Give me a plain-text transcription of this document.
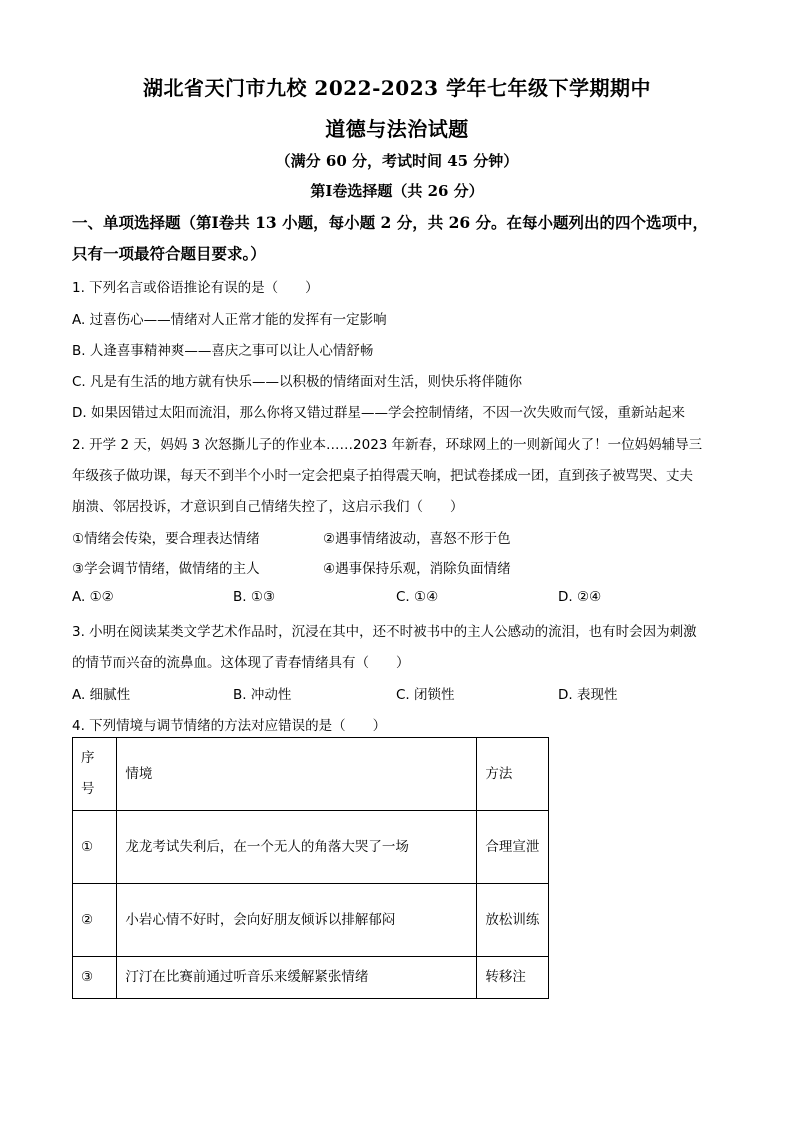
湖北省天门市九校 2022-2023 学年七年级下学期期中
道德与法治试题
（满分 60 分，考试时间 45 分钟）
第Ⅰ卷选择题（共 26 分）
一、单项选择题（第Ⅰ卷共 13 小题，每小题 2 分，共 26 分。在每小题列出的四个选项中，
只有一项最符合题目要求。）
1. 下列名言或俗语推论有误的是（　　）
A. 过喜伤心——情绪对人正常才能的发挥有一定影响
B. 人逢喜事精神爽——喜庆之事可以让人心情舒畅
C. 凡是有生活的地方就有快乐——以积极的情绪面对生活，则快乐将伴随你
D. 如果因错过太阳而流泪，那么你将又错过群星——学会控制情绪，不因一次失败而气馁，重新站起来
2. 开学 2 天，妈妈 3 次怒撕儿子的作业本……2023 年新春，环球网上的一则新闻火了！一位妈妈辅导三
年级孩子做功课，每天不到半个小时一定会把桌子拍得震天响，把试卷揉成一团，直到孩子被骂哭、丈夫
崩溃、邻居投诉，才意识到自己情绪失控了，这启示我们（　　）
①情绪会传染，要合理表达情绪	②遇事情绪波动，喜怒不形于色
③学会调节情绪，做情绪的主人	④遇事保持乐观，消除负面情绪
A. ①②	B. ①③	C. ①④	D. ②④
3. 小明在阅读某类文学艺术作品时，沉浸在其中，还不时被书中的主人公感动的流泪，也有时会因为刺激
的情节而兴奋的流鼻血。这体现了青春情绪具有（　　）
A. 细腻性	B. 冲动性	C. 闭锁性	D. 表现性
4. 下列情境与调节情绪的方法对应错误的是（　　）
序号	情境	方法
①	龙龙考试失利后，在一个无人的角落大哭了一场	合理宣泄

②	小岩心情不好时，会向好朋友倾诉以排解郁闷	放松训练

③	汀汀在比赛前通过听音乐来缓解紧张情绪	转移注
